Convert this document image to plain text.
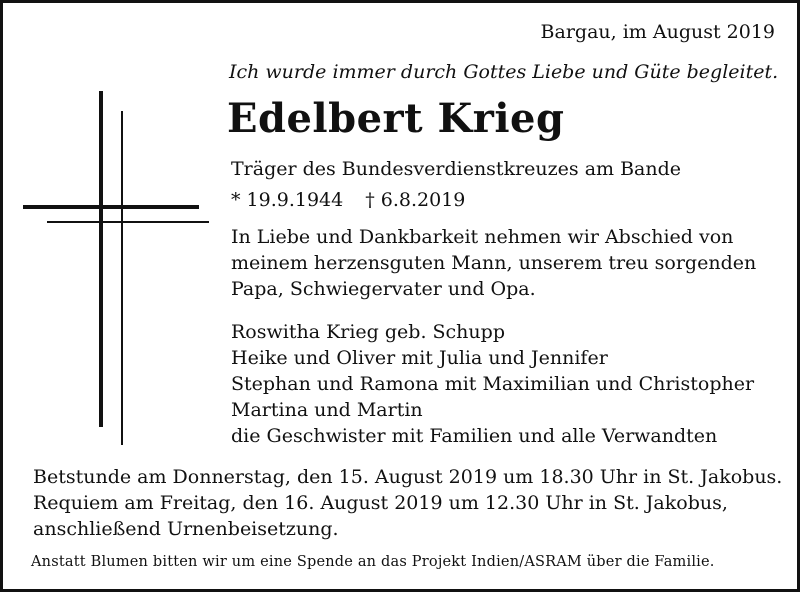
Bargau, im August 2019

Ich wurde immer durch Gottes Liebe und Güte begleitet.

Edelbert Krieg

Träger des Bundesverdienstkreuzes am Bande

* 19.9.1944 † 6.8.2019

In Liebe und Dankbarkeit nehmen wir Abschied von
meinem herzensguten Mann, unserem treu sorgenden
Papa, Schwiegervater und Opa.
Roswitha Krieg geb. Schupp
Heike und Oliver mit Julia und Jennifer
Stephan und Ramona mit Maximilian und Christopher
Martina und Martin
die Geschwister mit Familien und alle Verwandten
Betstunde am Donnerstag, den 15. August 2019 um 18.30 Uhr in St. Jakobus.
Requiem am Freitag, den 16. August 2019 um 12.30 Uhr in St. Jakobus,
anschließend Urnenbeisetzung.

Anstatt Blumen bitten wir um eine Spende an das Projekt Indien/ASRAM über die Familie.
